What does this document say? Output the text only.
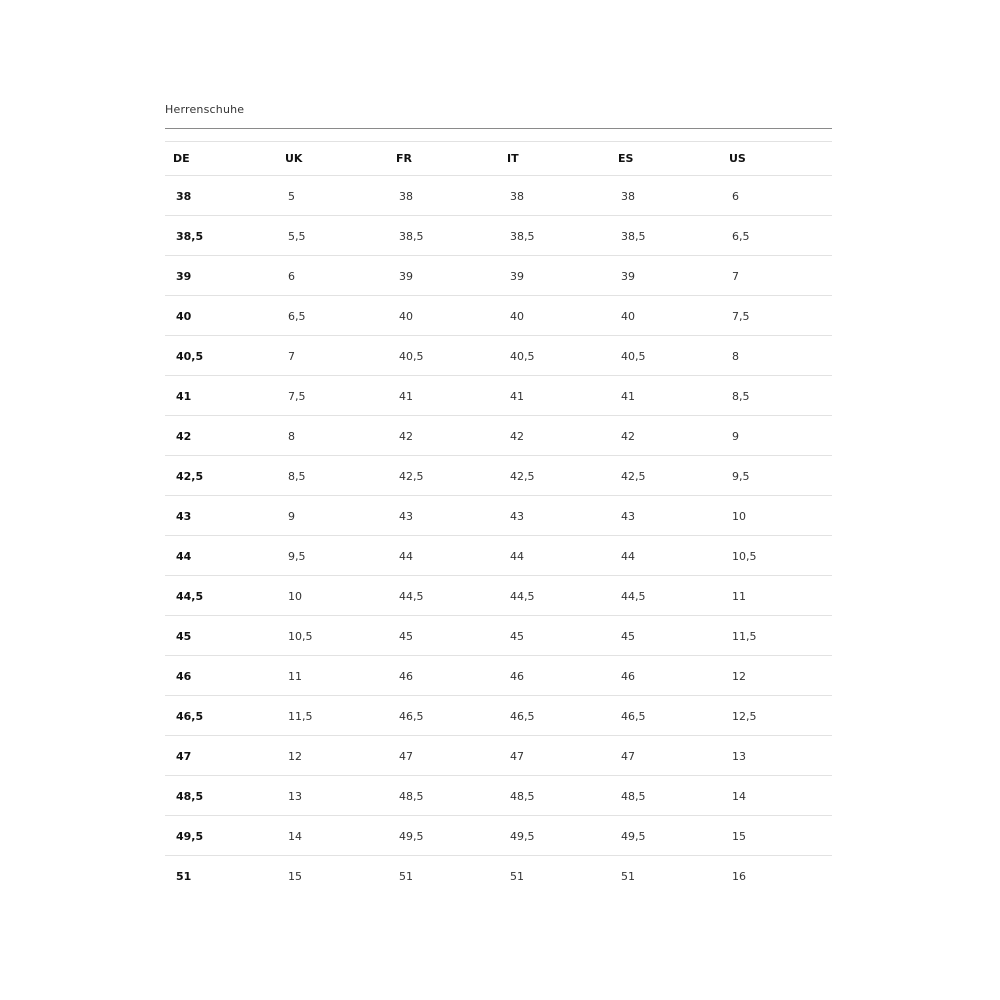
Herrenschuhe
DE	UK	FR	IT	ES	US
38	5	38	38	38	6
38,5	5,5	38,5	38,5	38,5	6,5
39	6	39	39	39	7
40	6,5	40	40	40	7,5
40,5	7	40,5	40,5	40,5	8
41	7,5	41	41	41	8,5
42	8	42	42	42	9
42,5	8,5	42,5	42,5	42,5	9,5
43	9	43	43	43	10
44	9,5	44	44	44	10,5
44,5	10	44,5	44,5	44,5	11
45	10,5	45	45	45	11,5
46	11	46	46	46	12
46,5	11,5	46,5	46,5	46,5	12,5
47	12	47	47	47	13
48,5	13	48,5	48,5	48,5	14
49,5	14	49,5	49,5	49,5	15
51	15	51	51	51	16
